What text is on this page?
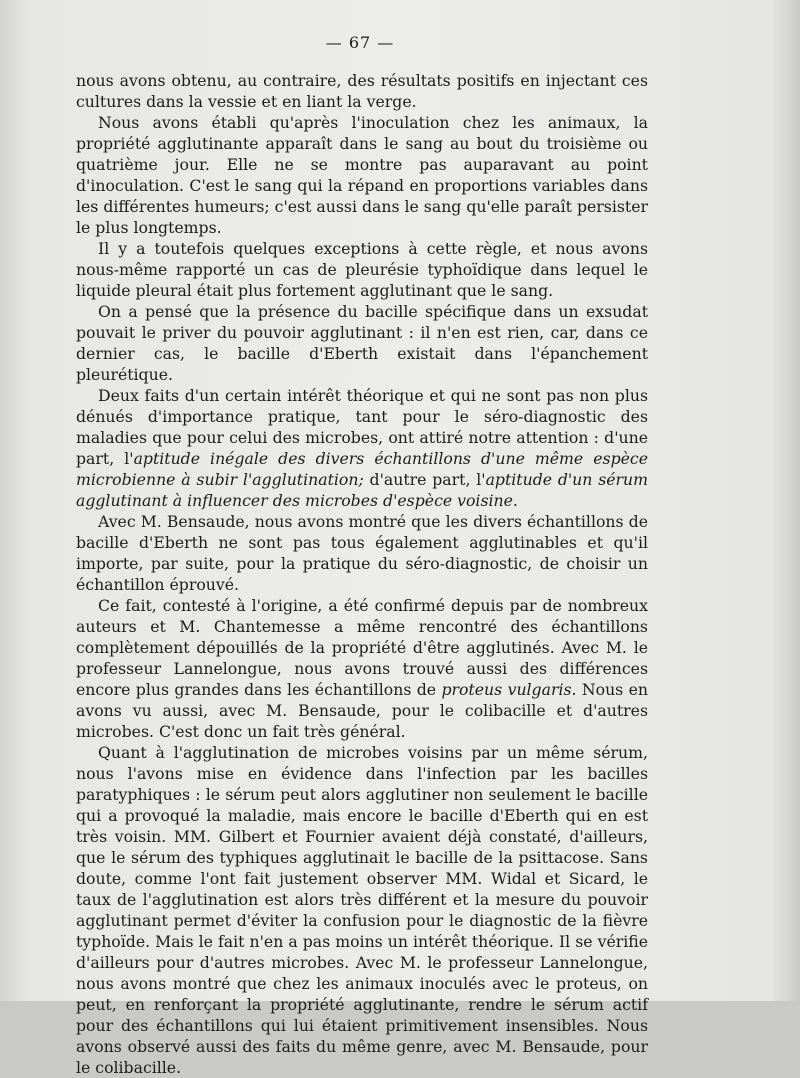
— 67 —

nous avons obtenu, au contraire, des résultats positifs en injectant ces cultures dans la vessie et en liant la verge.

Nous avons établi qu'après l'inoculation chez les animaux, la propriété agglutinante apparaît dans le sang au bout du troisième ou quatrième jour. Elle ne se montre pas auparavant au point d'inoculation. C'est le sang qui la répand en proportions variables dans les différentes humeurs; c'est aussi dans le sang qu'elle paraît persister le plus longtemps.

Il y a toutefois quelques exceptions à cette règle, et nous avons nous-même rapporté un cas de pleurésie typhoïdique dans lequel le liquide pleural était plus fortement agglutinant que le sang.

On a pensé que la présence du bacille spécifique dans un exsudat pouvait le priver du pouvoir agglutinant : il n'en est rien, car, dans ce dernier cas, le bacille d'Eberth existait dans l'épanchement pleurétique.

Deux faits d'un certain intérêt théorique et qui ne sont pas non plus dénués d'importance pratique, tant pour le séro-diagnostic des maladies que pour celui des microbes, ont attiré notre attention : d'une part, l'aptitude inégale des divers échantillons d'une même espèce microbienne à subir l'agglutination; d'autre part, l'aptitude d'un sérum agglutinant à influencer des microbes d'espèce voisine.

Avec M. Bensaude, nous avons montré que les divers échantillons de bacille d'Eberth ne sont pas tous également agglutinables et qu'il importe, par suite, pour la pratique du séro-diagnostic, de choisir un échantillon éprouvé.

Ce fait, contesté à l'origine, a été confirmé depuis par de nombreux auteurs et M. Chantemesse a même rencontré des échantillons complètement dépouillés de la propriété d'être agglutinés. Avec M. le professeur Lannelongue, nous avons trouvé aussi des différences encore plus grandes dans les échantillons de proteus vulgaris. Nous en avons vu aussi, avec M. Bensaude, pour le colibacille et d'autres microbes. C'est donc un fait très général.

Quant à l'agglutination de microbes voisins par un même sérum, nous l'avons mise en évidence dans l'infection par les bacilles paratyphiques : le sérum peut alors agglutiner non seulement le bacille qui a provoqué la maladie, mais encore le bacille d'Eberth qui en est très voisin. MM. Gilbert et Fournier avaient déjà constaté, d'ailleurs, que le sérum des typhiques agglutinait le bacille de la psittacose. Sans doute, comme l'ont fait justement observer MM. Widal et Sicard, le taux de l'agglutination est alors très différent et la mesure du pouvoir agglutinant permet d'éviter la confusion pour le diagnostic de la fièvre typhoïde. Mais le fait n'en a pas moins un intérêt théorique. Il se vérifie d'ailleurs pour d'autres microbes. Avec M. le professeur Lannelongue, nous avons montré que chez les animaux inoculés avec le proteus, on peut, en renforçant la propriété agglutinante, rendre le sérum actif pour des échantillons qui lui étaient primitivement insensibles. Nous avons observé aussi des faits du même genre, avec M. Bensaude, pour le colibacille.
